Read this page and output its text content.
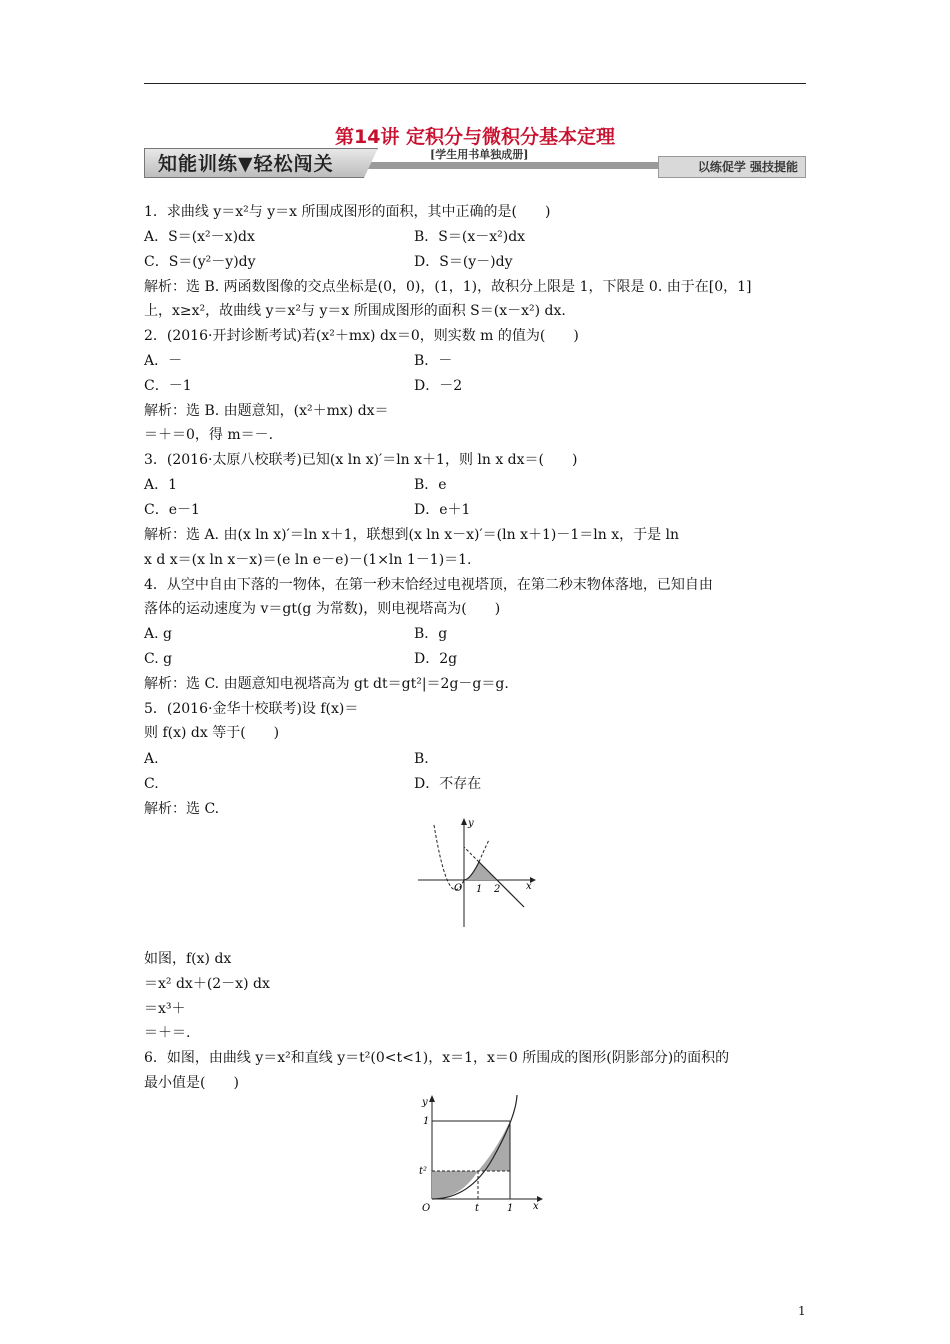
第14讲 定积分与微积分基本定理
知能训练▼轻松闯关	[学生用书单独成册]
以练促学 强技提能
1．求曲线 y＝x²与 y＝x 所围成图形的面积，其中正确的是(　　)
A．S＝(x²－x)dx	B．S＝(x－x²)dx
C．S＝(y²－y)dy	D．S＝(y－)dy
解析：选 B. 两函数图像的交点坐标是(0，0)，(1，1)，故积分上限是 1，下限是 0. 由于在[0，1]
上，x≥x²，故曲线 y＝x²与 y＝x 所围成图形的面积 S＝(x－x²) dx.
2．(2016·开封诊断考试)若(x²＋mx) dx＝0，则实数 m 的值为(　　)
A．－	B．－
C．－1	D．－2
解析：选 B. 由题意知，(x²＋mx) dx＝
＝＋＝0，得 m＝－.
3．(2016·太原八校联考)已知(x ln x)′＝ln x＋1，则 ln x dx＝(　　)
A．1	B．e
C．e－1	D．e＋1
解析：选 A. 由(x ln x)′＝ln x＋1，联想到(x ln x－x)′＝(ln x＋1)－1＝ln x，于是 ln
x d x＝(x ln x－x)＝(e ln e－e)－(1×ln 1－1)＝1.
4．从空中自由下落的一物体，在第一秒末恰经过电视塔顶，在第二秒末物体落地，已知自由
落体的运动速度为 v＝gt(g 为常数)，则电视塔高为(　　)
A. g	B．g
C. g	D．2g
解析：选 C. 由题意知电视塔高为 gt dt＝gt²|＝2g－g＝g.
5．(2016·金华十校联考)设 f(x)＝
则 f(x) dx 等于(　　)
A.	B.
C.	D．不存在
解析：选 C.
y
x
O 1 2
如图，f(x) dx
＝x² dx＋(2－x) dx
＝x³＋
＝＋＝.
6．如图，由曲线 y＝x²和直线 y＝t²(0<t<1)，x＝1，x＝0 所围成的图形(阴影部分)的面积的
最小值是(　　)
y
x
O
1
t²
t	1
1
